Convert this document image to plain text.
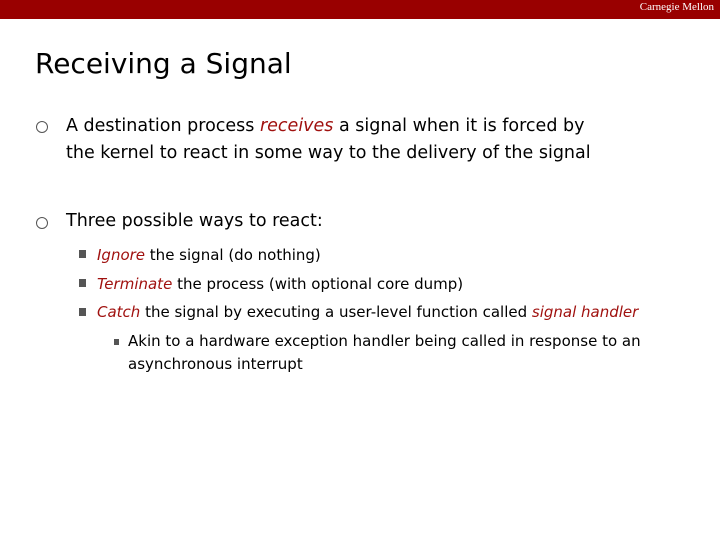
Carnegie Mellon
Receiving a Signal
A destination process receives a signal when it is forced by
the kernel to react in some way to the delivery of the signal
Three possible ways to react:
Ignore the signal (do nothing)
Terminate the process (with optional core dump)
Catch the signal by executing a user-level function called signal handler
Akin to a hardware exception handler being called in response to an
asynchronous interrupt
